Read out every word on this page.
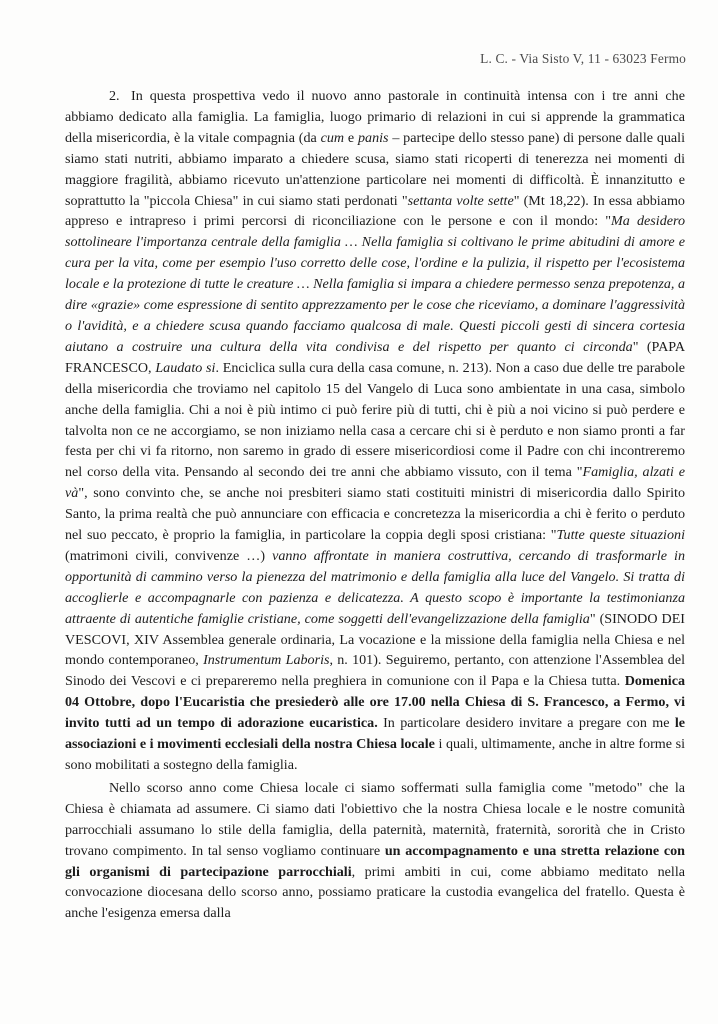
L. C. - Via Sisto V, 11 - 63023 Fermo

2. In questa prospettiva vedo il nuovo anno pastorale in continuità intensa con i tre anni che abbiamo dedicato alla famiglia. La famiglia, luogo primario di relazioni in cui si apprende la grammatica della misericordia, è la vitale compagnia (da cum e panis – partecipe dello stesso pane) di persone dalle quali siamo stati nutriti, abbiamo imparato a chiedere scusa, siamo stati ricoperti di tenerezza nei momenti di maggiore fragilità, abbiamo ricevuto un'attenzione particolare nei momenti di difficoltà. È innanzitutto e soprattutto la "piccola Chiesa" in cui siamo stati perdonati "settanta volte sette" (Mt 18,22). In essa abbiamo appreso e intrapreso i primi percorsi di riconciliazione con le persone e con il mondo: "Ma desidero sottolineare l'importanza centrale della famiglia … Nella famiglia si coltivano le prime abitudini di amore e cura per la vita, come per esempio l'uso corretto delle cose, l'ordine e la pulizia, il rispetto per l'ecosistema locale e la protezione di tutte le creature … Nella famiglia si impara a chiedere permesso senza prepotenza, a dire «grazie» come espressione di sentito apprezzamento per le cose che riceviamo, a dominare l'aggressività o l'avidità, e a chiedere scusa quando facciamo qualcosa di male. Questi piccoli gesti di sincera cortesia aiutano a costruire una cultura della vita condivisa e del rispetto per quanto ci circonda" (PAPA FRANCESCO, Laudato si. Enciclica sulla cura della casa comune, n. 213). Non a caso due delle tre parabole della misericordia che troviamo nel capitolo 15 del Vangelo di Luca sono ambientate in una casa, simbolo anche della famiglia. Chi a noi è più intimo ci può ferire più di tutti, chi è più a noi vicino si può perdere e talvolta non ce ne accorgiamo, se non iniziamo nella casa a cercare chi si è perduto e non siamo pronti a far festa per chi vi fa ritorno, non saremo in grado di essere misericordiosi come il Padre con chi incontreremo nel corso della vita. Pensando al secondo dei tre anni che abbiamo vissuto, con il tema "Famiglia, alzati e và", sono convinto che, se anche noi presbiteri siamo stati costituiti ministri di misericordia dallo Spirito Santo, la prima realtà che può annunciare con efficacia e concretezza la misericordia a chi è ferito o perduto nel suo peccato, è proprio la famiglia, in particolare la coppia degli sposi cristiana: "Tutte queste situazioni (matrimoni civili, convivenze …) vanno affrontate in maniera costruttiva, cercando di trasformarle in opportunità di cammino verso la pienezza del matrimonio e della famiglia alla luce del Vangelo. Si tratta di accoglierle e accompagnarle con pazienza e delicatezza. A questo scopo è importante la testimonianza attraente di autentiche famiglie cristiane, come soggetti dell'evangelizzazione della famiglia" (SINODO DEI VESCOVI, XIV Assemblea generale ordinaria, La vocazione e la missione della famiglia nella Chiesa e nel mondo contemporaneo, Instrumentum Laboris, n. 101). Seguiremo, pertanto, con attenzione l'Assemblea del Sinodo dei Vescovi e ci prepareremo nella preghiera in comunione con il Papa e la Chiesa tutta. Domenica 04 Ottobre, dopo l'Eucaristia che presiederò alle ore 17.00 nella Chiesa di S. Francesco, a Fermo, vi invito tutti ad un tempo di adorazione eucaristica. In particolare desidero invitare a pregare con me le associazioni e i movimenti ecclesiali della nostra Chiesa locale i quali, ultimamente, anche in altre forme si sono mobilitati a sostegno della famiglia.

Nello scorso anno come Chiesa locale ci siamo soffermati sulla famiglia come "metodo" che la Chiesa è chiamata ad assumere. Ci siamo dati l'obiettivo che la nostra Chiesa locale e le nostre comunità parrocchiali assumano lo stile della famiglia, della paternità, maternità, fraternità, sororità che in Cristo trovano compimento. In tal senso vogliamo continuare un accompagnamento e una stretta relazione con gli organismi di partecipazione parrocchiali, primi ambiti in cui, come abbiamo meditato nella convocazione diocesana dello scorso anno, possiamo praticare la custodia evangelica del fratello. Questa è anche l'esigenza emersa dalla
